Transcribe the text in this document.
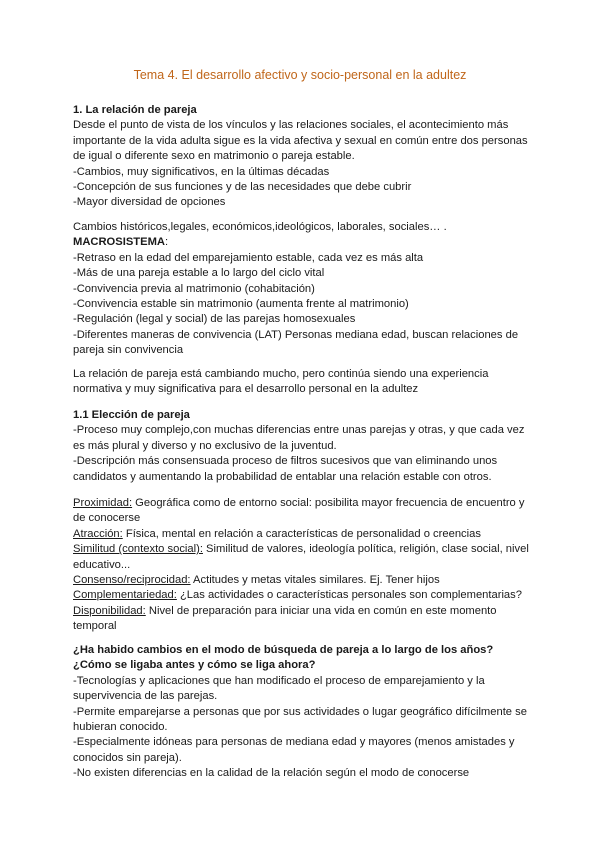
Tema 4. El desarrollo afectivo y socio-personal en la adultez

1. La relación de pareja

Desde el punto de vista de los vínculos y las relaciones sociales, el acontecimiento más importante de la vida adulta sigue es la vida afectiva y sexual en común entre dos personas de igual o diferente sexo en matrimonio o pareja estable.

-Cambios, muy significativos, en la últimas décadas
-Concepción de sus funciones y de las necesidades que debe cubrir
-Mayor diversidad de opciones

Cambios históricos,legales, económicos,ideológicos, laborales, sociales… .

MACROSISTEMA:

-Retraso en la edad del emparejamiento estable, cada vez es más alta
-Más de una pareja estable a lo largo del ciclo vital
-Convivencia previa al matrimonio (cohabitación)
-Convivencia estable sin matrimonio (aumenta frente al matrimonio)
-Regulación (legal y social) de las parejas homosexuales
-Diferentes maneras de convivencia (LAT) Personas mediana edad, buscan relaciones de pareja sin convivencia

La relación de pareja está cambiando mucho, pero continúa siendo una experiencia normativa y muy significativa para el desarrollo personal en la adultez

1.1 Elección de pareja

-Proceso muy complejo,con muchas diferencias entre unas parejas y otras, y que cada vez es más plural y diverso y no exclusivo de la juventud.
-Descripción más consensuada proceso de filtros sucesivos que van eliminando unos candidatos y aumentando la probabilidad de entablar una relación estable con otros.
Proximidad: Geográfica como de entorno social: posibilita mayor frecuencia de encuentro y de conocerse
Atracción: Física, mental en relación a características de personalidad o creencias
Similitud (contexto social): Similitud de valores, ideología política, religión, clase social, nivel educativo...
Consenso/reciprocidad: Actitudes y metas vitales similares. Ej. Tener hijos
Complementariedad: ¿Las actividades o características personales son complementarias?
Disponibilidad: Nivel de preparación para iniciar una vida en común en este momento temporal

¿Ha habido cambios en el modo de búsqueda de pareja a lo largo de los años?

¿Cómo se ligaba antes y cómo se liga ahora?

-Tecnologías y aplicaciones que han modificado el proceso de emparejamiento y la supervivencia de las parejas.
-Permite emparejarse a personas que por sus actividades o lugar geográfico difícilmente se hubieran conocido.
-Especialmente idóneas para personas de mediana edad y mayores (menos amistades y conocidos sin pareja).
-No existen diferencias en la calidad de la relación según el modo de conocerse
